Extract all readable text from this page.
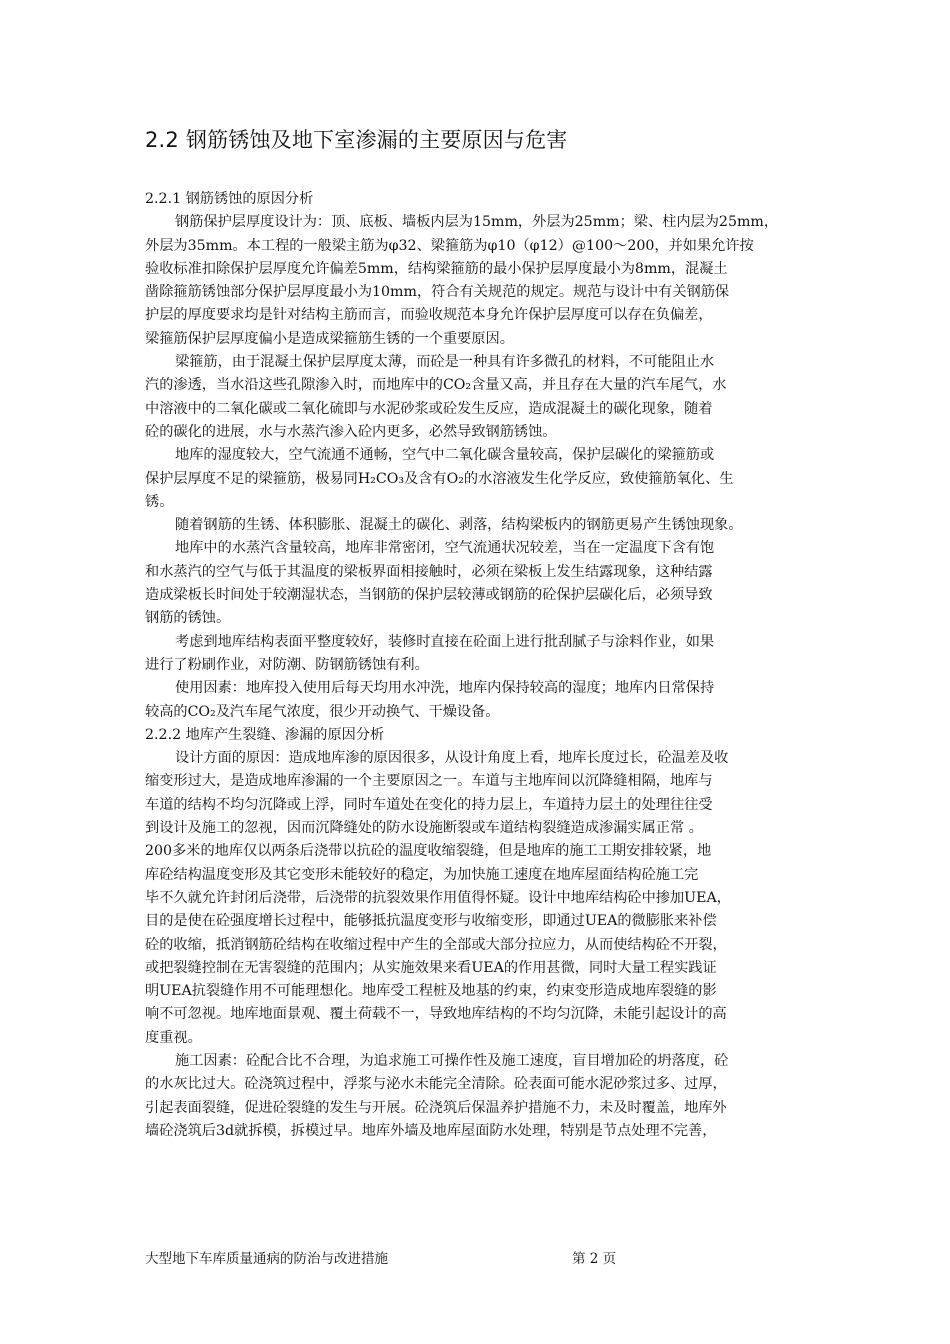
2.2 钢筋锈蚀及地下室渗漏的主要原因与危害
2.2.1 钢筋锈蚀的原因分析
钢筋保护层厚度设计为：顶、底板、墙板内层为15mm，外层为25mm；梁、柱内层为25mm，
外层为35mm。本工程的一般梁主筋为φ32、梁箍筋为φ10（φ12）@100～200，并如果允许按
验收标准扣除保护层厚度允许偏差5mm，结构梁箍筋的最小保护层厚度最小为8mm，混凝土
凿除箍筋锈蚀部分保护层厚度最小为10mm，符合有关规范的规定。规范与设计中有关钢筋保
护层的厚度要求均是针对结构主筋而言，而验收规范本身允许保护层厚度可以存在负偏差，
梁箍筋保护层厚度偏小是造成梁箍筋生锈的一个重要原因。
梁箍筋，由于混凝土保护层厚度太薄，而砼是一种具有许多微孔的材料，不可能阻止水
汽的渗透，当水沿这些孔隙渗入时，而地库中的CO₂含量又高，并且存在大量的汽车尾气，水
中溶液中的二氧化碳或二氧化硫即与水泥砂浆或砼发生反应，造成混凝土的碳化现象，随着
砼的碳化的进展，水与水蒸汽渗入砼内更多，必然导致钢筋锈蚀。
地库的湿度较大，空气流通不通畅，空气中二氧化碳含量较高，保护层碳化的梁箍筋或
保护层厚度不足的梁箍筋，极易同H₂CO₃及含有O₂的水溶液发生化学反应，致使箍筋氧化、生
锈。
随着钢筋的生锈、体积膨胀、混凝土的碳化、剥落，结构梁板内的钢筋更易产生锈蚀现象。
地库中的水蒸汽含量较高，地库非常密闭，空气流通状况较差，当在一定温度下含有饱
和水蒸汽的空气与低于其温度的梁板界面相接触时，必须在梁板上发生结露现象，这种结露
造成梁板长时间处于较潮湿状态，当钢筋的保护层较薄或钢筋的砼保护层碳化后，必须导致
钢筋的锈蚀。
考虑到地库结构表面平整度较好，装修时直接在砼面上进行批刮腻子与涂料作业，如果
进行了粉刷作业，对防潮、防钢筋锈蚀有利。
使用因素：地库投入使用后每天均用水冲洗，地库内保持较高的湿度；地库内日常保持
较高的CO₂及汽车尾气浓度，很少开动换气、干燥设备。
2.2.2 地库产生裂缝、渗漏的原因分析
设计方面的原因：造成地库渗的原因很多，从设计角度上看，地库长度过长，砼温差及收
缩变形过大，是造成地库渗漏的一个主要原因之一。车道与主地库间以沉降缝相隔，地库与
车道的结构不均匀沉降或上浮，同时车道处在变化的持力层上，车道持力层土的处理往往受
到设计及施工的忽视，因而沉降缝处的防水设施断裂或车道结构裂缝造成渗漏实属正常 。
200多米的地库仅以两条后浇带以抗砼的温度收缩裂缝，但是地库的施工工期安排较紧，地
库砼结构温度变形及其它变形未能较好的稳定，为加快施工速度在地库屋面结构砼施工完
毕不久就允许封闭后浇带，后浇带的抗裂效果作用值得怀疑。设计中地库结构砼中掺加UEA，
目的是使在砼强度增长过程中，能够抵抗温度变形与收缩变形，即通过UEA的微膨胀来补偿
砼的收缩，抵消钢筋砼结构在收缩过程中产生的全部或大部分拉应力，从而使结构砼不开裂，
或把裂缝控制在无害裂缝的范围内；从实施效果来看UEA的作用甚微，同时大量工程实践证
明UEA抗裂缝作用不可能理想化。地库受工程桩及地基的约束，约束变形造成地库裂缝的影
响不可忽视。地库地面景观、覆土荷载不一，导致地库结构的不均匀沉降，未能引起设计的高
度重视。
施工因素：砼配合比不合理，为追求施工可操作性及施工速度，盲目增加砼的坍落度，砼
的水灰比过大。砼浇筑过程中，浮浆与泌水未能完全清除。砼表面可能水泥砂浆过多、过厚，
引起表面裂缝，促进砼裂缝的发生与开展。砼浇筑后保温养护措施不力，未及时覆盖，地库外
墙砼浇筑后3d就拆模，拆模过早。地库外墙及地库屋面防水处理，特别是节点处理不完善，
大型地下车库质量通病的防治与改进措施	第 2 页
